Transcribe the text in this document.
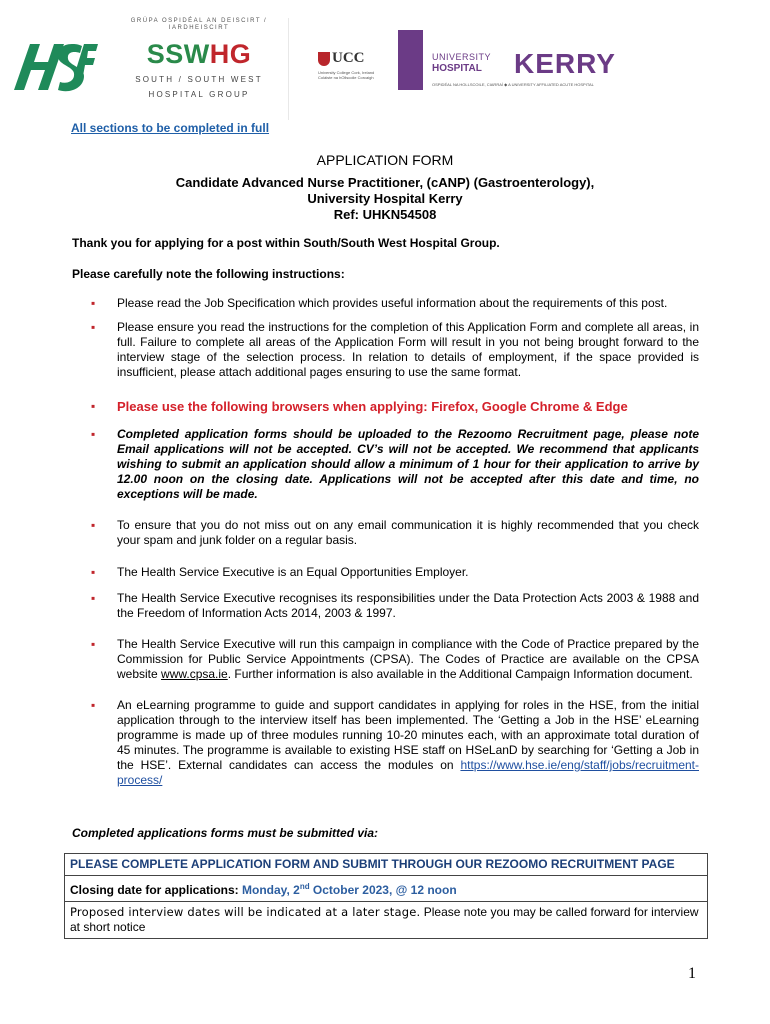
GRÚPA OSPIDÉAL AN DEISCIRT / IARDHEISCIRT
SSWHG
SOUTH / SOUTH WEST
HOSPITAL GROUP
UCC
University College Cork, Ireland Coláiste na hOllscoile Corcaigh
UNIVERSITY
HOSPITAL KERRY
OSPIDÉAL NA HOLLSCOILE, CIARRAÍ ◆ A UNIVERSITY AFFILIATED ACUTE HOSPITAL
All sections to be completed in full
APPLICATION FORM
Candidate Advanced Nurse Practitioner, (cANP) (Gastroenterology),
University Hospital Kerry
Ref: UHKN54508
Thank you for applying for a post within South/South West Hospital Group.
Please carefully note the following instructions:
▪ Please read the Job Specification which provides useful information about the requirements of this post.
▪ Please ensure you read the instructions for the completion of this Application Form and complete all areas, in full. Failure to complete all areas of the Application Form will result in you not being brought forward to the interview stage of the selection process. In relation to details of employment, if the space provided is insufficient, please attach additional pages ensuring to use the same format.
▪ Please use the following browsers when applying: Firefox, Google Chrome & Edge
▪ Completed application forms should be uploaded to the Rezoomo Recruitment page, please note Email applications will not be accepted. CV’s will not be accepted. We recommend that applicants wishing to submit an application should allow a minimum of 1 hour for their application to arrive by 12.00 noon on the closing date. Applications will not be accepted after this date and time, no exceptions will be made.
▪ To ensure that you do not miss out on any email communication it is highly recommended that you check your spam and junk folder on a regular basis.
▪ The Health Service Executive is an Equal Opportunities Employer.
▪ The Health Service Executive recognises its responsibilities under the Data Protection Acts 2003 & 1988 and the Freedom of Information Acts 2014, 2003 & 1997.
▪ The Health Service Executive will run this campaign in compliance with the Code of Practice prepared by the Commission for Public Service Appointments (CPSA). The Codes of Practice are available on the CPSA website www.cpsa.ie. Further information is also available in the Additional Campaign Information document.
▪ An eLearning programme to guide and support candidates in applying for roles in the HSE, from the initial application through to the interview itself has been implemented. The ‘Getting a Job in the HSE’ eLearning programme is made up of three modules running 10-20 minutes each, with an approximate total duration of 45 minutes. The programme is available to existing HSE staff on HSeLanD by searching for ‘Getting a Job in the HSE’. External candidates can access the modules on https://www.hse.ie/eng/staff/jobs/recruitment-process/
Completed applications forms must be submitted via:
PLEASE COMPLETE APPLICATION FORM AND SUBMIT THROUGH OUR REZOOMO RECRUITMENT PAGE
Closing date for applications: Monday, 2nd October 2023, @ 12 noon
Proposed interview dates will be indicated at a later stage. Please note you may be called forward for interview at short notice
1
